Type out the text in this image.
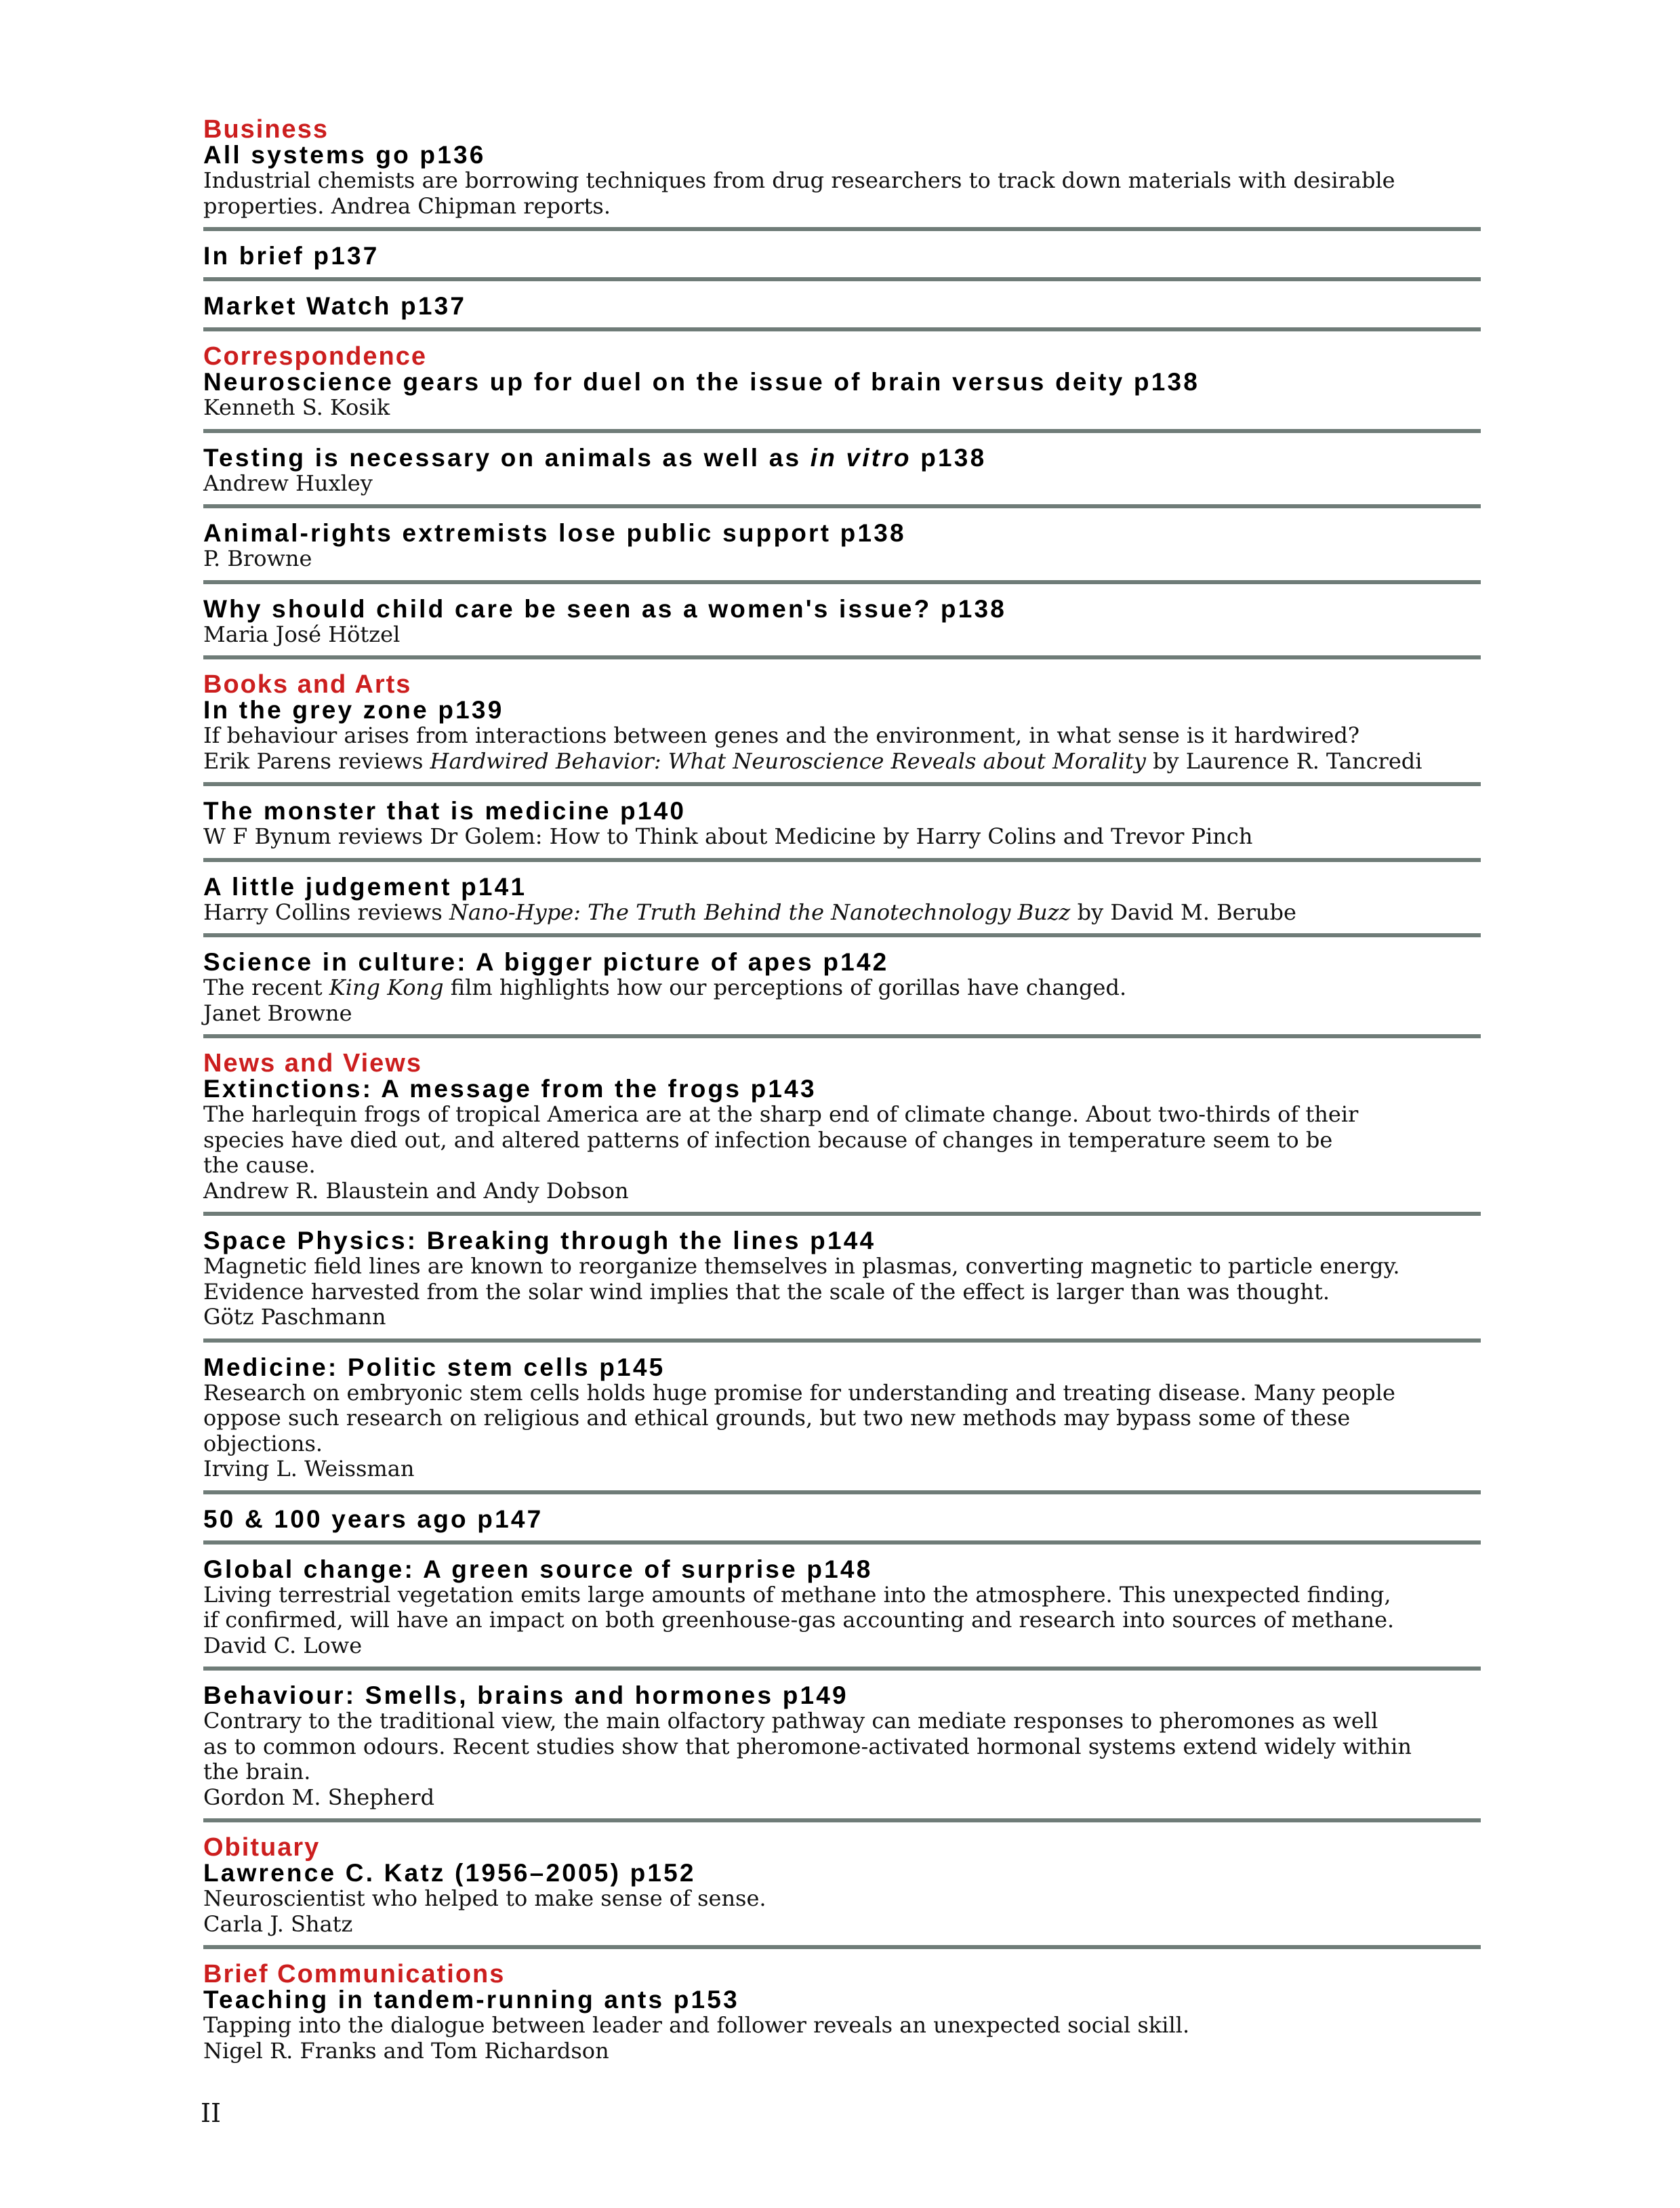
Business
All systems go p136
Industrial chemists are borrowing techniques from drug researchers to track down materials with desirable
properties. Andrea Chipman reports.
In brief p137
Market Watch p137
Correspondence
Neuroscience gears up for duel on the issue of brain versus deity p138
Kenneth S. Kosik
Testing is necessary on animals as well as in vitro p138
Andrew Huxley
Animal-rights extremists lose public support p138
P. Browne
Why should child care be seen as a women's issue? p138
Maria José Hötzel
Books and Arts
In the grey zone p139
If behaviour arises from interactions between genes and the environment, in what sense is it hardwired?
Erik Parens reviews Hardwired Behavior: What Neuroscience Reveals about Morality by Laurence R. Tancredi
The monster that is medicine p140
W F Bynum reviews Dr Golem: How to Think about Medicine by Harry Colins and Trevor Pinch
A little judgement p141
Harry Collins reviews Nano-Hype: The Truth Behind the Nanotechnology Buzz by David M. Berube
Science in culture: A bigger picture of apes p142
The recent King Kong film highlights how our perceptions of gorillas have changed.
Janet Browne
News and Views
Extinctions: A message from the frogs p143
The harlequin frogs of tropical America are at the sharp end of climate change. About two-thirds of their
species have died out, and altered patterns of infection because of changes in temperature seem to be
the cause.
Andrew R. Blaustein and Andy Dobson
Space Physics: Breaking through the lines p144
Magnetic field lines are known to reorganize themselves in plasmas, converting magnetic to particle energy.
Evidence harvested from the solar wind implies that the scale of the effect is larger than was thought.
Götz Paschmann
Medicine: Politic stem cells p145
Research on embryonic stem cells holds huge promise for understanding and treating disease. Many people
oppose such research on religious and ethical grounds, but two new methods may bypass some of these
objections.
Irving L. Weissman
50 & 100 years ago p147
Global change: A green source of surprise p148
Living terrestrial vegetation emits large amounts of methane into the atmosphere. This unexpected finding,
if confirmed, will have an impact on both greenhouse-gas accounting and research into sources of methane.
David C. Lowe
Behaviour: Smells, brains and hormones p149
Contrary to the traditional view, the main olfactory pathway can mediate responses to pheromones as well
as to common odours. Recent studies show that pheromone-activated hormonal systems extend widely within
the brain.
Gordon M. Shepherd
Obituary
Lawrence C. Katz (1956–2005) p152
Neuroscientist who helped to make sense of sense.
Carla J. Shatz
Brief Communications
Teaching in tandem-running ants p153
Tapping into the dialogue between leader and follower reveals an unexpected social skill.
Nigel R. Franks and Tom Richardson
II
